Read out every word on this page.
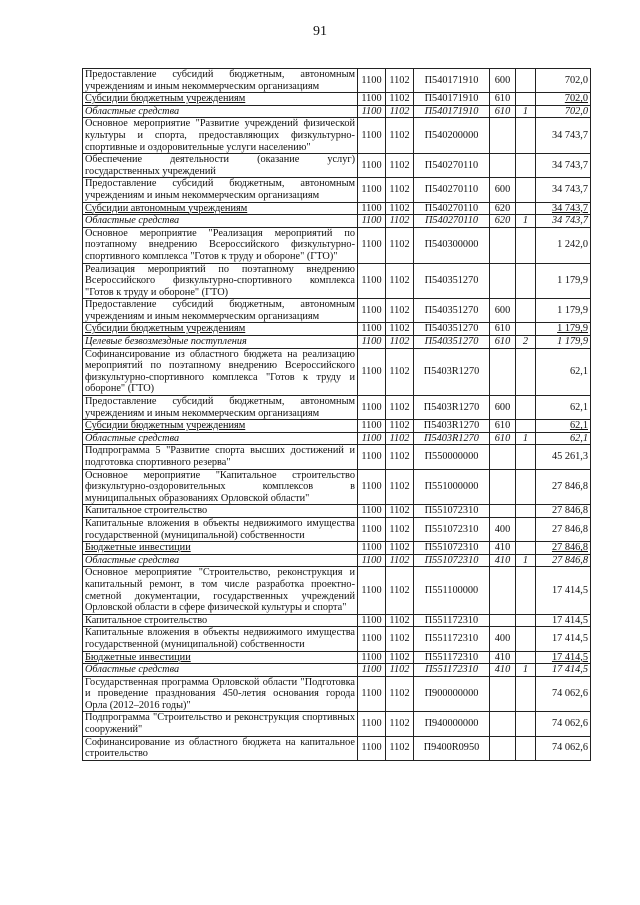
91
Предоставление субсидий бюджетным, автономным учреждениям и иным некоммерческим организациям	1100	1102	П540171910	600		702,0
Субсидии бюджетным учреждениям	1100	1102	П540171910	610		702,0
Областные средства	1100	1102	П540171910	610	1	702,0
Основное мероприятие "Развитие учреждений физической культуры и спорта, предоставляющих физкультурно-спортивные и оздоровительные услуги населению"	1100	1102	П540200000			34 743,7
Обеспечение деятельности (оказание услуг) государственных учреждений	1100	1102	П540270110			34 743,7
Предоставление субсидий бюджетным, автономным учреждениям и иным некоммерческим организациям	1100	1102	П540270110	600		34 743,7
Субсидии автономным учреждениям	1100	1102	П540270110	620		34 743,7
Областные средства	1100	1102	П540270110	620	1	34 743,7
Основное мероприятие "Реализация мероприятий по поэтапному внедрению Всероссийского физкультурно-спортивного комплекса "Готов к труду и обороне" (ГТО)"	1100	1102	П540300000			1 242,0
Реализация мероприятий по поэтапному внедрению Всероссийского физкультурно-спортивного комплекса "Готов к труду и обороне" (ГТО)	1100	1102	П540351270			1 179,9
Предоставление субсидий бюджетным, автономным учреждениям и иным некоммерческим организациям	1100	1102	П540351270	600		1 179,9
Субсидии бюджетным учреждениям	1100	1102	П540351270	610		1 179,9
Целевые безвозмездные поступления	1100	1102	П540351270	610	2	1 179,9
Софинансирование из областного бюджета на реализацию мероприятий по поэтапному внедрению Всероссийского физкультурно-спортивного комплекса "Готов к труду и обороне" (ГТО)	1100	1102	П5403R1270			62,1
Предоставление субсидий бюджетным, автономным учреждениям и иным некоммерческим организациям	1100	1102	П5403R1270	600		62,1
Субсидии бюджетным учреждениям	1100	1102	П5403R1270	610		62,1
Областные средства	1100	1102	П5403R1270	610	1	62,1
Подпрограмма 5 "Развитие спорта высших достижений и подготовка спортивного резерва"	1100	1102	П550000000			45 261,3
Основное мероприятие "Капитальное строительство физкультурно-оздоровительных комплексов в муниципальных образованиях Орловской области"	1100	1102	П551000000			27 846,8
Капитальное строительство	1100	1102	П551072310			27 846,8
Капитальные вложения в объекты недвижимого имущества государственной (муниципальной) собственности	1100	1102	П551072310	400		27 846,8
Бюджетные инвестиции	1100	1102	П551072310	410		27 846,8
Областные средства	1100	1102	П551072310	410	1	27 846,8
Основное мероприятие "Строительство, реконструкция и капитальный ремонт, в том числе разработка проектно-сметной документации, государственных учреждений Орловской области в сфере физической культуры и спорта"	1100	1102	П551100000			17 414,5
Капитальное строительство	1100	1102	П551172310			17 414,5
Капитальные вложения в объекты недвижимого имущества государственной (муниципальной) собственности	1100	1102	П551172310	400		17 414,5
Бюджетные инвестиции	1100	1102	П551172310	410		17 414,5
Областные средства	1100	1102	П551172310	410	1	17 414,5
Государственная программа Орловской области "Подготовка и проведение празднования 450-летия основания города Орла (2012–2016 годы)"	1100	1102	П900000000			74 062,6
Подпрограмма "Строительство и реконструкция спортивных сооружений"	1100	1102	П940000000			74 062,6
Софинансирование из областного бюджета на капитальное строительство	1100	1102	П9400R0950			74 062,6
